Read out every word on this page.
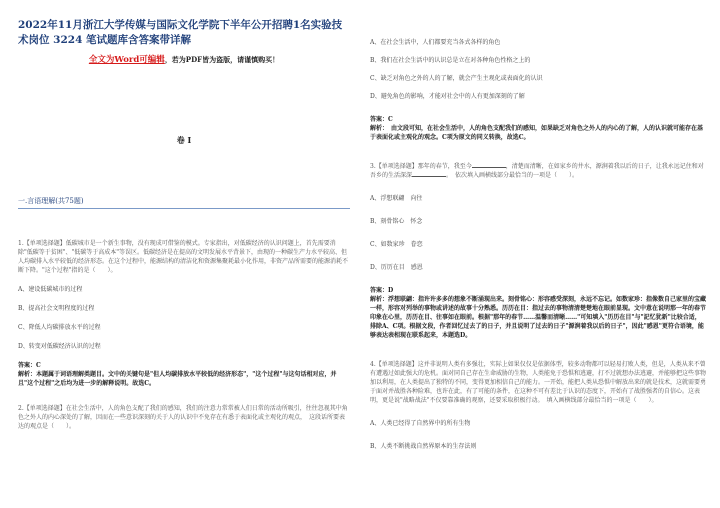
2022年11月浙江大学传媒与国际文化学院下半年公开招聘1名实验技术岗位 3224 笔试题库含答案带详解
全文为Word可编辑，若为PDF皆为盗版，请谨慎购买！
卷 I
一.言语理解(共75题)
1.【单项选择题】低碳城市是一个新生事物，没有现成可借鉴的模式。专家指出，对低碳经济的认识问题上，首先需要消除"低碳等于贫困"、"低碳等于高成本"等误区。低碳经济是在提高的文明发展水平背景下，由现的一种碳生产力水平较高、但人均碳排入水平较低的经济形态。在这个过程中，能源结构的清洁化和资源集聚耗最小化作用，非资产品所需要的能源消耗不断下降。"这个过程"指的是（　　）。
A、建设低碳城市的过程
B、提高社会文明程度的过程
C、降低人均碳排放水平的过程
D、转变对低碳经济认识的过程
答案：C
解析：本题属于词语理解类题目。文中的关键句是"但人均碳排放水平较低的经济形态"，"这个过程"与这句话相对应，并且"这个过程"之后均为进一步的解释说明。故选C。
2.【单项选择题】在社会生活中，人的角色支配了我们的感知，我们的注意力常常被人们日常的活动所吸引，往往忽视其中角色之外人的内心深处的了解，因而在一些意识深刻的关于人的认识中不免存在有悉于表面化或主观化的观点，　这段话所要表达的观点是（　　）。
A、在社会生活中，人们都要充当各式各样的角色
B、我们在社会生活中的认识总是立在对各种角色性格之上的
C、缺乏对角色之外的人的了解，就会产生主观化或表面化的认识
D、避免角色的影响，才能对社会中的人有更加深刻的了解
答案：C
解析：　由文段可知，在社会生活中，人的角色支配我们的感知，如果缺乏对角色之外人的内心的了解，人的认识就可能存在基于表面化或主观化的观念。C项为原文的同义转换，故选C。
3.【单项选择题】那年的春节，我至今	，清楚而清晰，在如家乡的井水，源涧着我以后的日子，让我永远记住和对吾乡的生活深深	。　依次填入画横线部分最恰当的一项是（　　）。
A、浮想联翩　向往
B、刻骨铭心　怀念
C、如数家珍　眷恋
D、历历在目　感恩
答案：D
解析：浮想联翩：指许许多多的想象不断涌现出来。刻骨铭心：形容感受深刻，永远不忘记。如数家珍：指像数自己家里的宝藏一样，形容对列举的事物或讲述的故事十分熟悉。历历在目：指过去的事物清清楚楚地在眼前显现。文中意在说明那一年的春节印象在心里，历历在目、往事如在眼前。根据"那年的春节……温馨而清晰……"可知填入"历历在目"与"記忆犹新"比较合适，排除A、C项。根据文段，作者回忆过去了的日子，并且说明了过去的日子"源涧着我以后的日子"，因此"感恩"更符合语境，能够表达表相现在联系起来，本题选D。
4.【单项选择题】这并非说明人类有多强壮，实际上如果仅仅是依据体型，较多动物都可以轻易打败人类，但是，人类从来不曾有遭遇过如此强大的危机。面对同自己存在生命威胁的生物，人类能免于恐惧和逃避，打不过就想办法逃避，并能够把这些事物加以利用，在人类提出了独特的不同，变得更加相信自己的能力。一开始，能把人类从恐惧中解放出来的就是技术，这就需要勇于面对并战胜各种险难，也许在此，有了可能的条件，在这种不可有差比于认识的态度下，开始有了战胜强者的自信心。这表明，更是说"战略战法"不仅要靠准确的观察，还要采取积极行动。　填入画横线部分最恰当的一项是（　　）。
A、人类已经得了自然界中的所有生物
B、人类不断挑战自然界原本的生存法则
